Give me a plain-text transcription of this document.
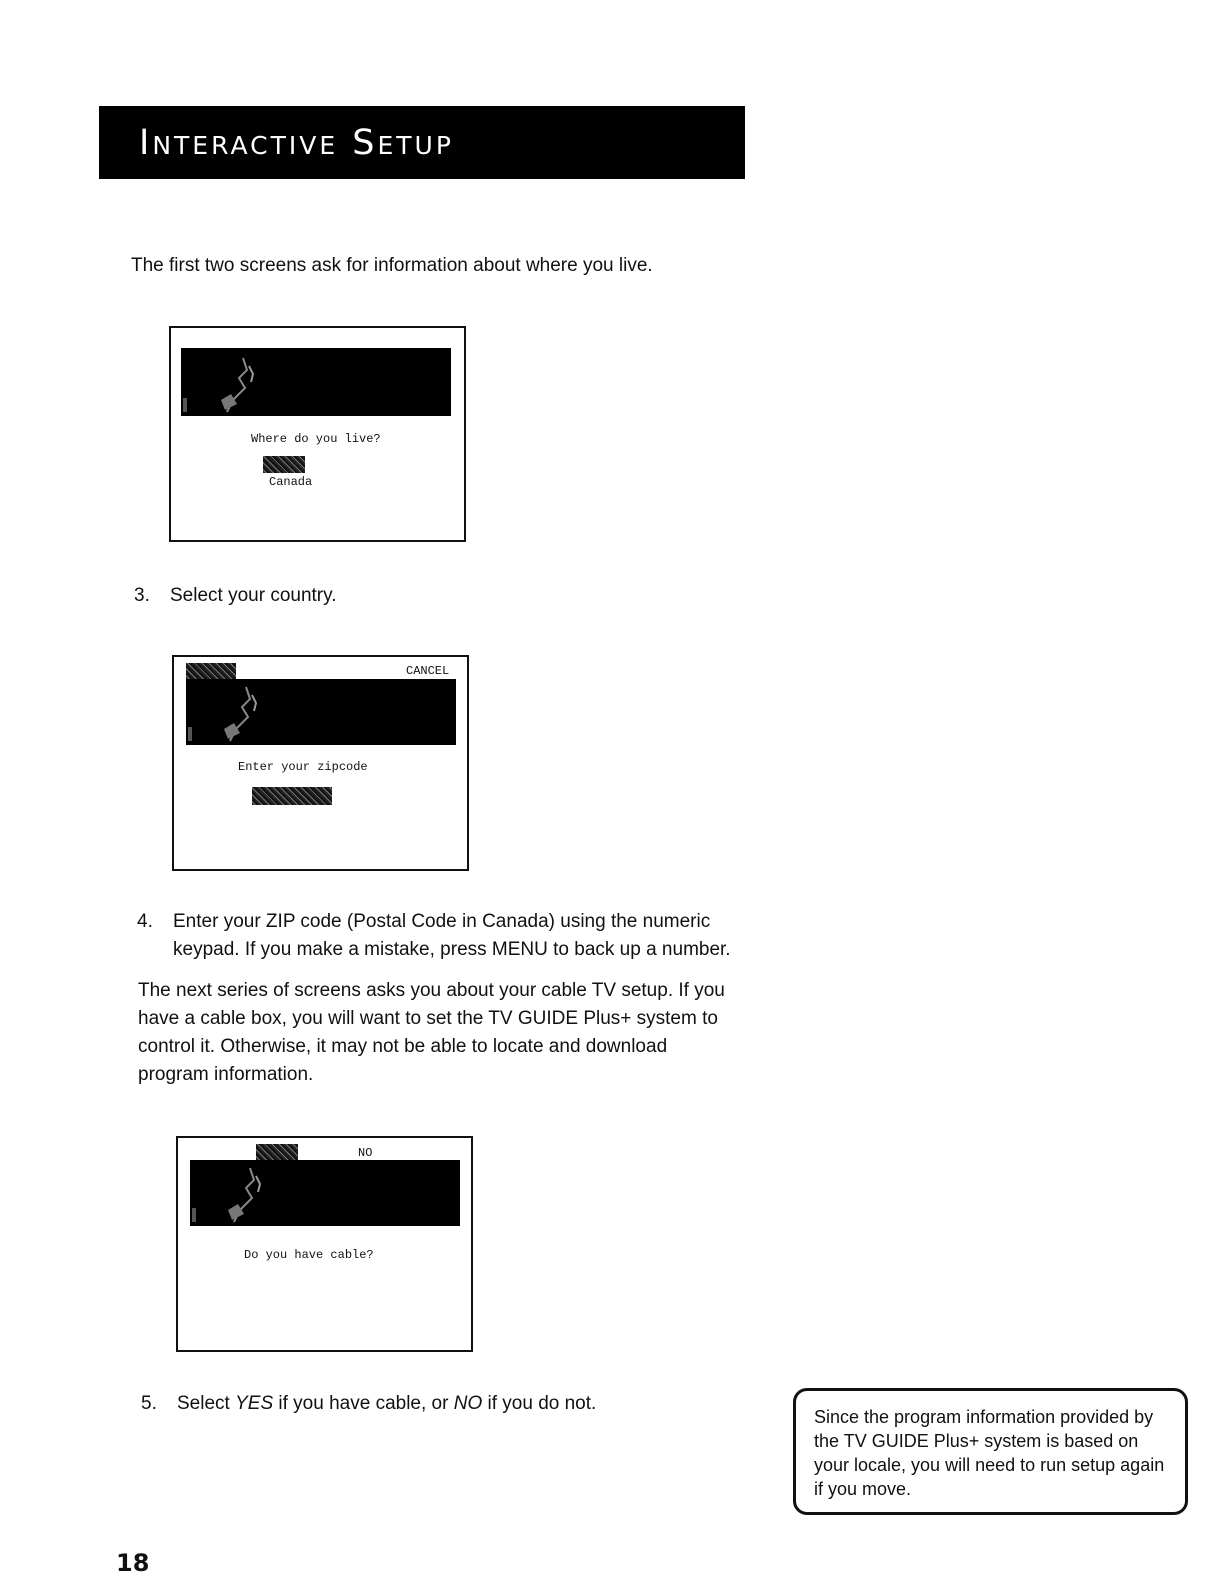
Interactive Setup
The first two screens ask for information about where you live.
Where do you live?
Canada
3. Select your country.
CANCEL
Enter your zipcode
4. Enter your ZIP code (Postal Code in Canada) using the numeric keypad. If you make a mistake, press MENU to back up a number.
The next series of screens asks you about your cable TV setup. If you have a cable box, you will want to set the TV GUIDE Plus+ system to control it. Otherwise, it may not be able to locate and download program information.
NO
Do you have cable?
5. Select YES if you have cable, or NO if you do not.
Since the program information provided by the TV GUIDE Plus+ system is based on your locale, you will need to run setup again if you move.
18
